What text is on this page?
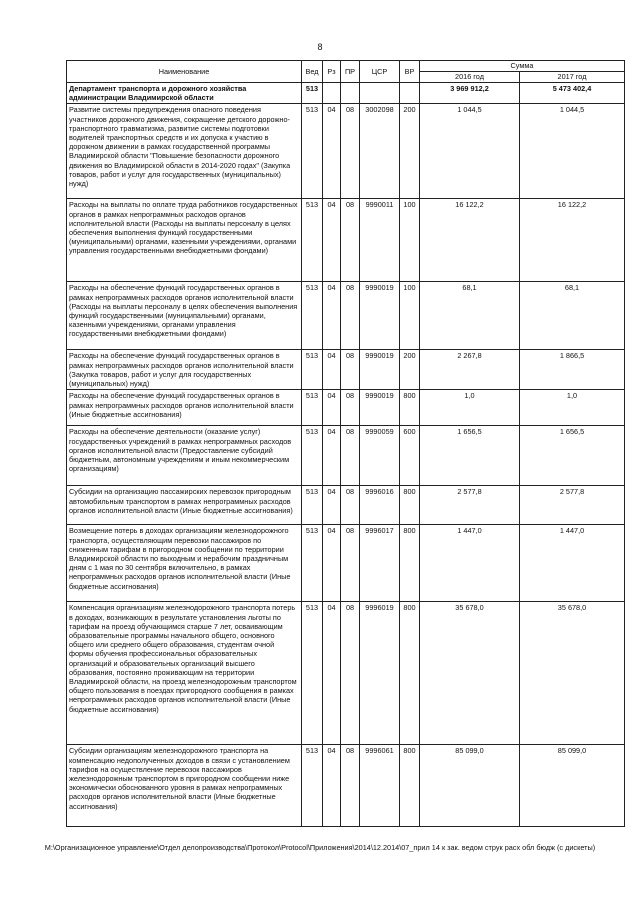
8
Наименование	Вед	Рз	ПР	ЦСР	ВР	Сумма	
						2016 год	2017 год
Департамент транспорта и дорожного хозяйства администрации Владимирской области	513					3 969 912,2	5 473 402,4
Развитие системы предупреждения опасного поведения участников дорожного движения, сокращение детского дорожно-транспортного травматизма, развитие системы подготовки водителей транспортных средств и их допуска к участию в дорожном движении в рамках государственной программы Владимирской области "Повышение безопасности дорожного движения во Владимирской области в 2014-2020 годах" (Закупка товаров, работ и услуг для государственных (муниципальных) нужд)	513	04	08	3002098	200	1 044,5	1 044,5
Расходы на выплаты по оплате труда работников государственных органов в рамках непрограммных расходов органов исполнительной власти (Расходы на выплаты персоналу в целях обеспечения выполнения функций государственными (муниципальными) органами, казенными учреждениями, органами управления государственными внебюджетными фондами)	513	04	08	9990011	100	16 122,2	16 122,2
Расходы на обеспечение функций государственных органов в рамках непрограммных расходов органов исполнительной власти (Расходы на выплаты персоналу в целях обеспечения выполнения функций государственными (муниципальными) органами, казенными учреждениями, органами управления государственными внебюджетными фондами)	513	04	08	9990019	100	68,1	68,1
Расходы на обеспечение функций государственных органов в рамках непрограммных расходов органов исполнительной власти (Закупка товаров, работ и услуг для государственных (муниципальных) нужд)	513	04	08	9990019	200	2 267,8	1 866,5
Расходы на обеспечение функций государственных органов в рамках непрограммных расходов органов исполнительной власти (Иные бюджетные ассигнования)	513	04	08	9990019	800	1,0	1,0
Расходы на обеспечение деятельности (оказание услуг) государственных учреждений в рамках непрограммных расходов органов исполнительной власти (Предоставление субсидий бюджетным, автономным учреждениям и иным некоммерческим организациям)	513	04	08	9990059	600	1 656,5	1 656,5
Субсидии на организацию пассажирских перевозок пригородным автомобильным транспортом в рамках непрограммных расходов органов исполнительной власти (Иные бюджетные ассигнования)	513	04	08	9996016	800	2 577,8	2 577,8
Возмещение потерь в доходах организациям железнодорожного транспорта, осуществляющим перевозки пассажиров по сниженным тарифам в пригородном сообщении по территории Владимирской области по выходным и нерабочим праздничным дням с 1 мая по 30 сентября включительно, в рамках непрограммных расходов органов исполнительной власти (Иные бюджетные ассигнования)	513	04	08	9996017	800	1 447,0	1 447,0
Компенсация организациям железнодорожного транспорта потерь в доходах, возникающих в результате установления льготы по тарифам на проезд обучающимся старше 7 лет, осваивающим образовательные программы начального общего, основного общего или среднего общего образования, студентам очной формы обучения профессиональных образовательных организаций и образовательных организаций высшего образования, постоянно проживающим на территории Владимирской области, на проезд железнодорожным транспортом общего пользования в поездах пригородного сообщения в рамках непрограммных расходов органов исполнительной власти (Иные бюджетные ассигнования)	513	04	08	9996019	800	35 678,0	35 678,0
Субсидии организациям железнодорожного транспорта на компенсацию недополученных доходов в связи с установлением тарифов на осуществление перевозок пассажиров железнодорожным транспортом в пригородном сообщении ниже экономически обоснованного уровня в рамках непрограммных расходов органов исполнительной власти (Иные бюджетные ассигнования)	513	04	08	9996061	800	85 099,0	85 099,0
M:\Организационное управление\Отдел делопроизводства\Протокол\Protocol\Приложения\2014\12.2014\07_прил 14 к зак. ведом струк расх обл бюдж (с дискеты)
